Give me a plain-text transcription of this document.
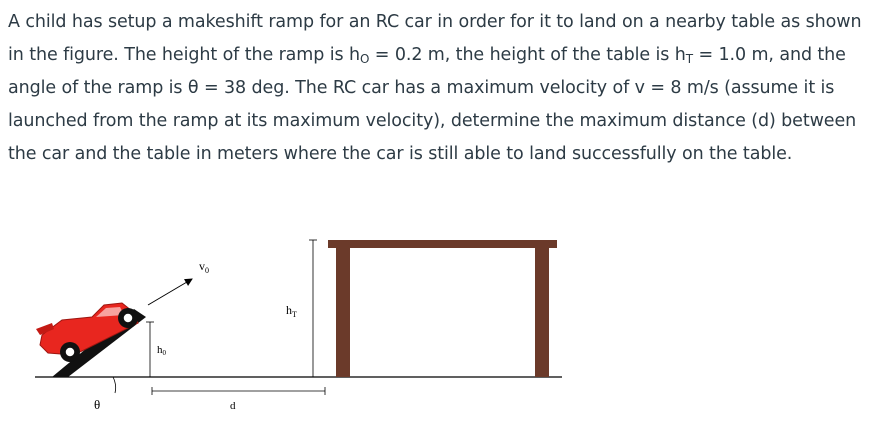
A child has setup a makeshift ramp for an RC car in order for it to land on a nearby table as shown in the figure. The height of the ramp is $h_O = 0.2$ m, the height of the table is $h_T = 1.0$ m, and the angle of the ramp is θ = 38 deg. The RC car has a maximum velocity of v = 8 m/s (assume it is launched from the ramp at its maximum velocity), determine the maximum distance (d) between the car and the table in meters where the car is still able to land successfully on the table.
$v_0$
h0
θ	d
$h_T$
